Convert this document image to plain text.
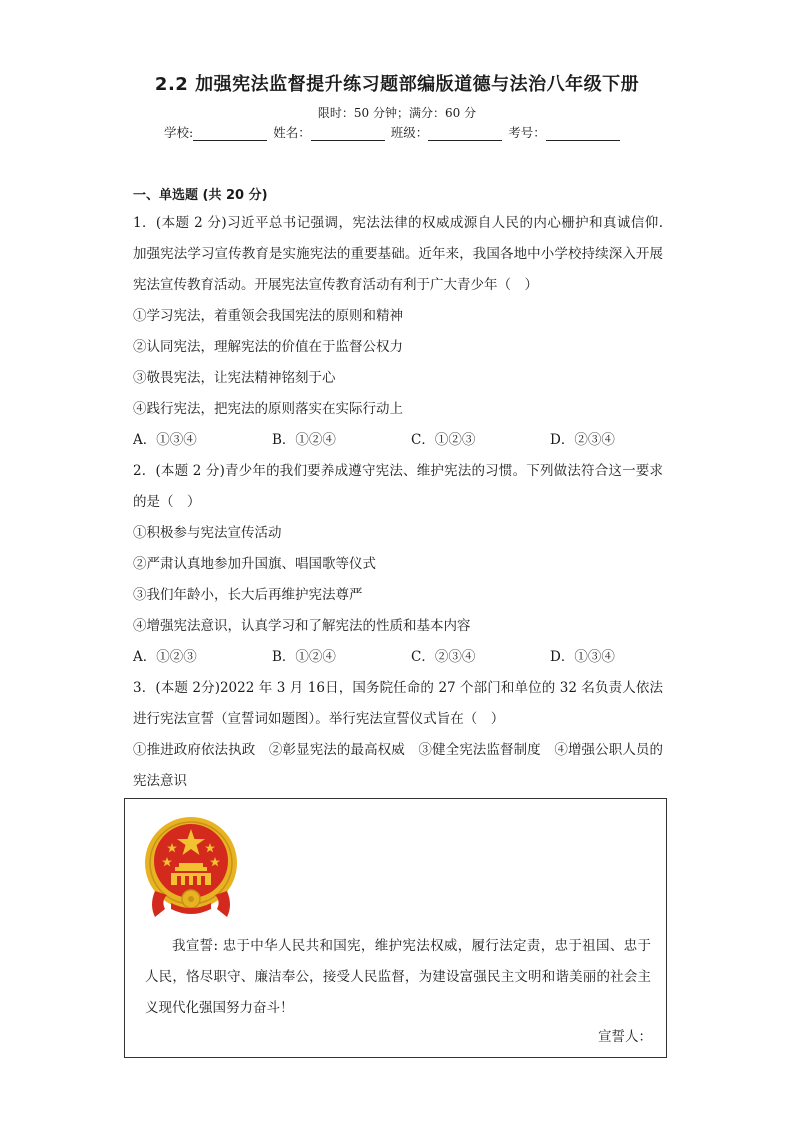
2.2 加强宪法监督提升练习题部编版道德与法治八年级下册
限时：50 分钟；满分：60 分
学校:	姓名：	班级：	考号：
一、单选题 (共 20 分)
1．(本题 2 分)习近平总书记强调，宪法法律的权威成源自人民的内心栅护和真诚信仰. 加强宪法学习宣传教育是实施宪法的重要基础。近年来，我国各地中小学校持续深入开展宪法宣传教育活动。开展宪法宣传教育活动有利于广大青少年（　）
①学习宪法，着重领会我国宪法的原则和精神
②认同宪法，理解宪法的价值在于监督公权力
③敬畏宪法，让宪法精神铭刻于心
④践行宪法，把宪法的原则落实在实际行动上
A．①③④	B．①②④	C．①②③	D．②③④
2．(本题 2 分)青少年的我们要养成遵守宪法、维护宪法的习惯。下列做法符合这一要求的是（　）
①积极参与宪法宣传活动
②严肃认真地参加升国旗、唱国歌等仪式
③我们年龄小，长大后再维护宪法尊严
④增强宪法意识，认真学习和了解宪法的性质和基本内容
A．①②③	B．①②④	C．②③④	D．①③④
3．(本题 2分)2022 年 3 月 16日，国务院任命的 27 个部门和单位的 32 名负责人依法进行宪法宣誓（宣誓词如题图）。举行宪法宣誓仪式旨在（　）
①推进政府依法执政　②彰显宪法的最高权威　③健全宪法监督制度　④增强公职人员的宪法意识
我宣誓: 忠于中华人民共和国宪，维护宪法权威，履行法定责，忠于祖国、忠于人民，恪尽职守、廉洁奉公，接受人民监督，为建设富强民主文明和谐美丽的社会主义现代化强国努力奋斗！
宣誓人：
